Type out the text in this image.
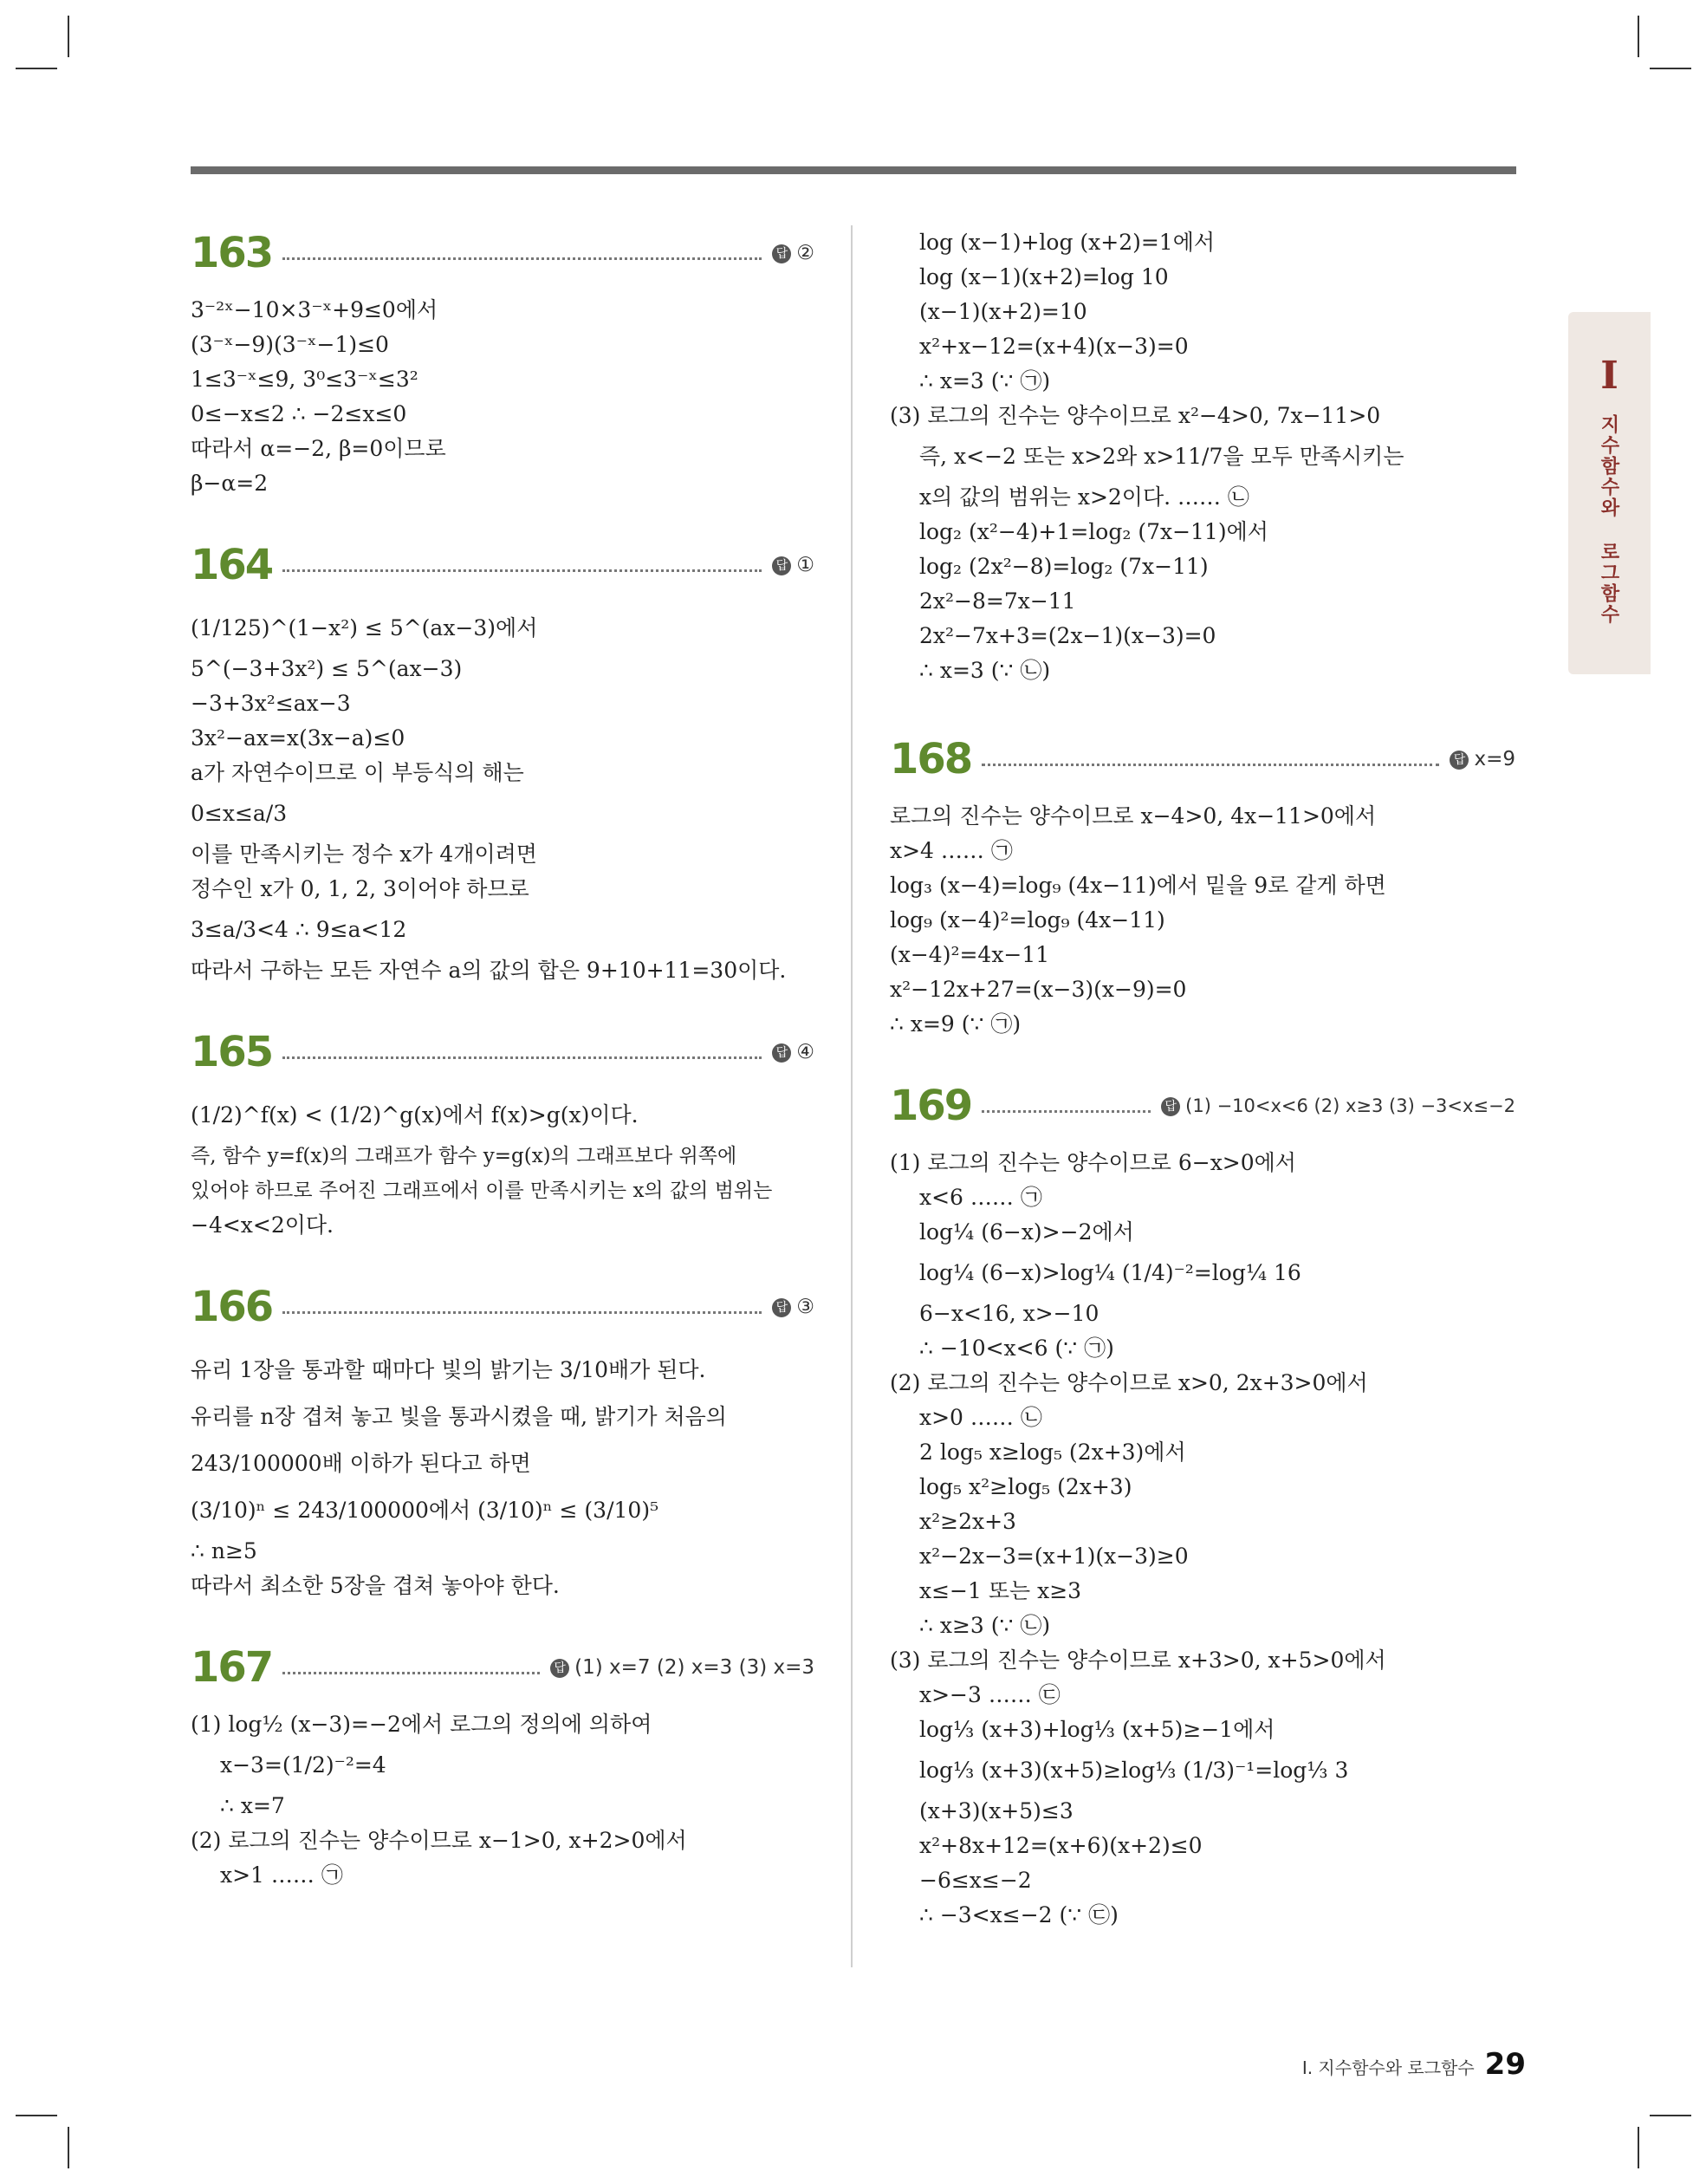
I
지수함수와 로그함수
163	답 ②
3⁻²ˣ−10×3⁻ˣ+9≤0에서
(3⁻ˣ−9)(3⁻ˣ−1)≤0
1≤3⁻ˣ≤9, 3⁰≤3⁻ˣ≤3²
0≤−x≤2 ∴ −2≤x≤0
따라서 α=−2, β=0이므로
β−α=2
164	답 ①
(1/125)^(1−x²) ≤ 5^(ax−3)에서
5^(−3+3x²) ≤ 5^(ax−3)
−3+3x²≤ax−3
3x²−ax=x(3x−a)≤0
a가 자연수이므로 이 부등식의 해는
0≤x≤a/3
이를 만족시키는 정수 x가 4개이려면
정수인 x가 0, 1, 2, 3이어야 하므로
3≤a/3<4 ∴ 9≤a<12
따라서 구하는 모든 자연수 a의 값의 합은 9+10+11=30이다.
165	답 ④
(1/2)^f(x) < (1/2)^g(x)에서 f(x)>g(x)이다.
즉, 함수 y=f(x)의 그래프가 함수 y=g(x)의 그래프보다 위쪽에
있어야 하므로 주어진 그래프에서 이를 만족시키는 x의 값의 범위는
−4<x<2이다.
166	답 ③
유리 1장을 통과할 때마다 빛의 밝기는 3/10배가 된다.
유리를 n장 겹쳐 놓고 빛을 통과시켰을 때, 밝기가 처음의
243/100000배 이하가 된다고 하면
(3/10)ⁿ ≤ 243/100000에서 (3/10)ⁿ ≤ (3/10)⁵
∴ n≥5
따라서 최소한 5장을 겹쳐 놓아야 한다.
167	답 (1) x=7 (2) x=3 (3) x=3
(1) log½ (x−3)=−2에서 로그의 정의에 의하여
x−3=(1/2)⁻²=4
∴ x=7
(2) 로그의 진수는 양수이므로 x−1>0, x+2>0에서
x>1 …… ㉠
log (x−1)+log (x+2)=1에서
log (x−1)(x+2)=log 10
(x−1)(x+2)=10
x²+x−12=(x+4)(x−3)=0
∴ x=3 (∵ ㉠)
(3) 로그의 진수는 양수이므로 x²−4>0, 7x−11>0
즉, x<−2 또는 x>2와 x>11/7을 모두 만족시키는
x의 값의 범위는 x>2이다. …… ㉡
log₂ (x²−4)+1=log₂ (7x−11)에서
log₂ (2x²−8)=log₂ (7x−11)
2x²−8=7x−11
2x²−7x+3=(2x−1)(x−3)=0
∴ x=3 (∵ ㉡)
168	답 x=9
로그의 진수는 양수이므로 x−4>0, 4x−11>0에서
x>4 …… ㉠
log₃ (x−4)=log₉ (4x−11)에서 밑을 9로 같게 하면
log₉ (x−4)²=log₉ (4x−11)
(x−4)²=4x−11
x²−12x+27=(x−3)(x−9)=0
∴ x=9 (∵ ㉠)
169	답 (1) −10<x<6 (2) x≥3 (3) −3<x≤−2
(1) 로그의 진수는 양수이므로 6−x>0에서
x<6 …… ㉠
log¼ (6−x)>−2에서
log¼ (6−x)>log¼ (1/4)⁻²=log¼ 16
6−x<16, x>−10
∴ −10<x<6 (∵ ㉠)
(2) 로그의 진수는 양수이므로 x>0, 2x+3>0에서
x>0 …… ㉡
2 log₅ x≥log₅ (2x+3)에서
log₅ x²≥log₅ (2x+3)
x²≥2x+3
x²−2x−3=(x+1)(x−3)≥0
x≤−1 또는 x≥3
∴ x≥3 (∵ ㉡)
(3) 로그의 진수는 양수이므로 x+3>0, x+5>0에서
x>−3 …… ㉢
log⅓ (x+3)+log⅓ (x+5)≥−1에서
log⅓ (x+3)(x+5)≥log⅓ (1/3)⁻¹=log⅓ 3
(x+3)(x+5)≤3
x²+8x+12=(x+6)(x+2)≤0
−6≤x≤−2
∴ −3<x≤−2 (∵ ㉢)
Ⅰ. 지수함수와 로그함수 29
